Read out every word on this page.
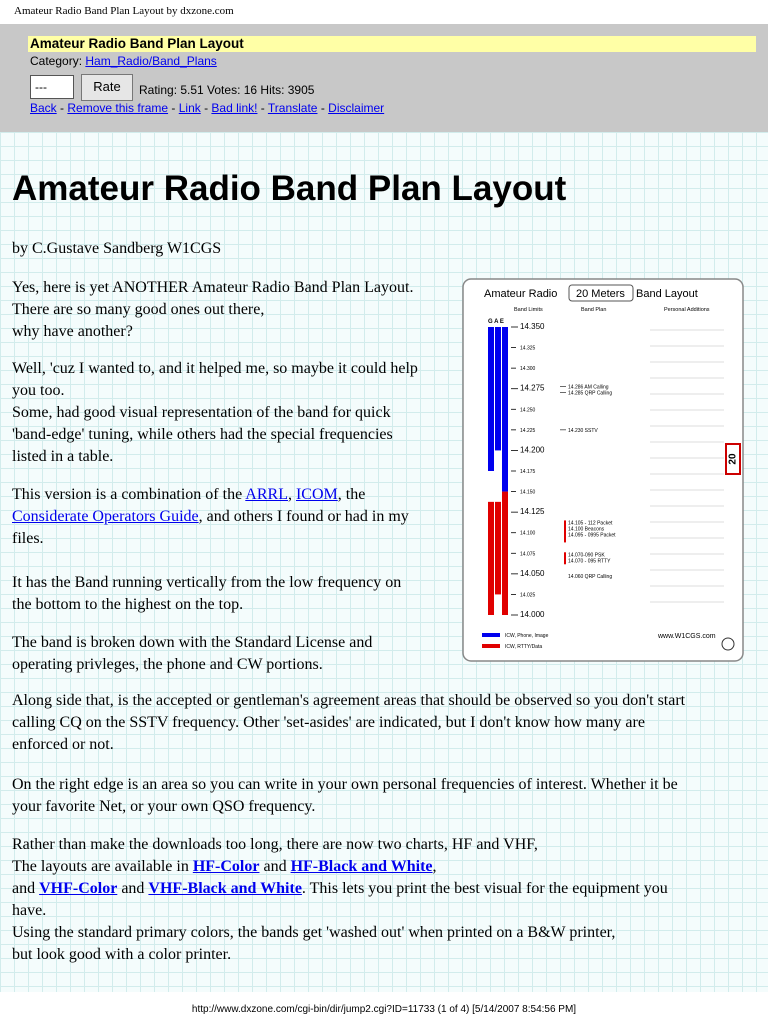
Amateur Radio Band Plan Layout by dxzone.com
Amateur Radio Band Plan Layout
Category: Ham_Radio/Band_Plans
---
Rate	Rating: 5.51 Votes: 16 Hits: 3905
Back - Remove this frame - Link - Bad link! - Translate - Disclaimer
Amateur Radio Band Plan Layout

by C.Gustave Sandberg W1CGS

Yes, here is yet ANOTHER Amateur Radio Band Plan Layout.
There are so many good ones out there,
why have another?

Well, 'cuz I wanted to, and it helped me, so maybe it could help
you too.
Some, had good visual representation of the band for quick
'band-edge' tuning, while others had the special frequencies
listed in a table.

This version is a combination of the ARRL, ICOM, the
Considerate Operators Guide, and others I found or had in my
files.

It has the Band running vertically from the low frequency on
the bottom to the highest on the top.

The band is broken down with the Standard License and
operating privleges, the phone and CW portions.

Along side that, is the accepted or gentleman's agreement areas that should be observed so you don't start
calling CQ on the SSTV frequency. Other 'set-asides' are indicated, but I don't know how many are
enforced or not.

On the right edge is an area so you can write in your own personal frequencies of interest. Whether it be
your favorite Net, or your own QSO frequency.

Rather than make the downloads too long, there are now two charts, HF and VHF,
The layouts are available in HF-Color and HF-Black and White,
and VHF-Color and VHF-Black and White. This lets you print the best visual for the equipment you
have.
Using the standard primary colors, the bands get 'washed out' when printed on a B&W printer,
but look good with a color printer.

Amateur Radio 20 Meters Band Layout
Band Limits	Band Plan	Personal Additions
G A E 14.350
14.325
14.300
14.275
14.250
14.225
14.200
14.175
14.150
14.125
14.100
14.075
14.050
14.025
14.000
14.286 AM Calling
14.285 QRP Calling
14.230 SSTV
14.105 - 112 Packet
14.100 Beacons
14.095 - 0995 Packet
14.070-090 PSK
14.070 - 095 RTTY
14.060 QRP Calling
20
ICW, Phone, Image
ICW, RTTY/Data
www.W1CGS.com
http://www.dxzone.com/cgi-bin/dir/jump2.cgi?ID=11733 (1 of 4) [5/14/2007 8:54:56 PM]
